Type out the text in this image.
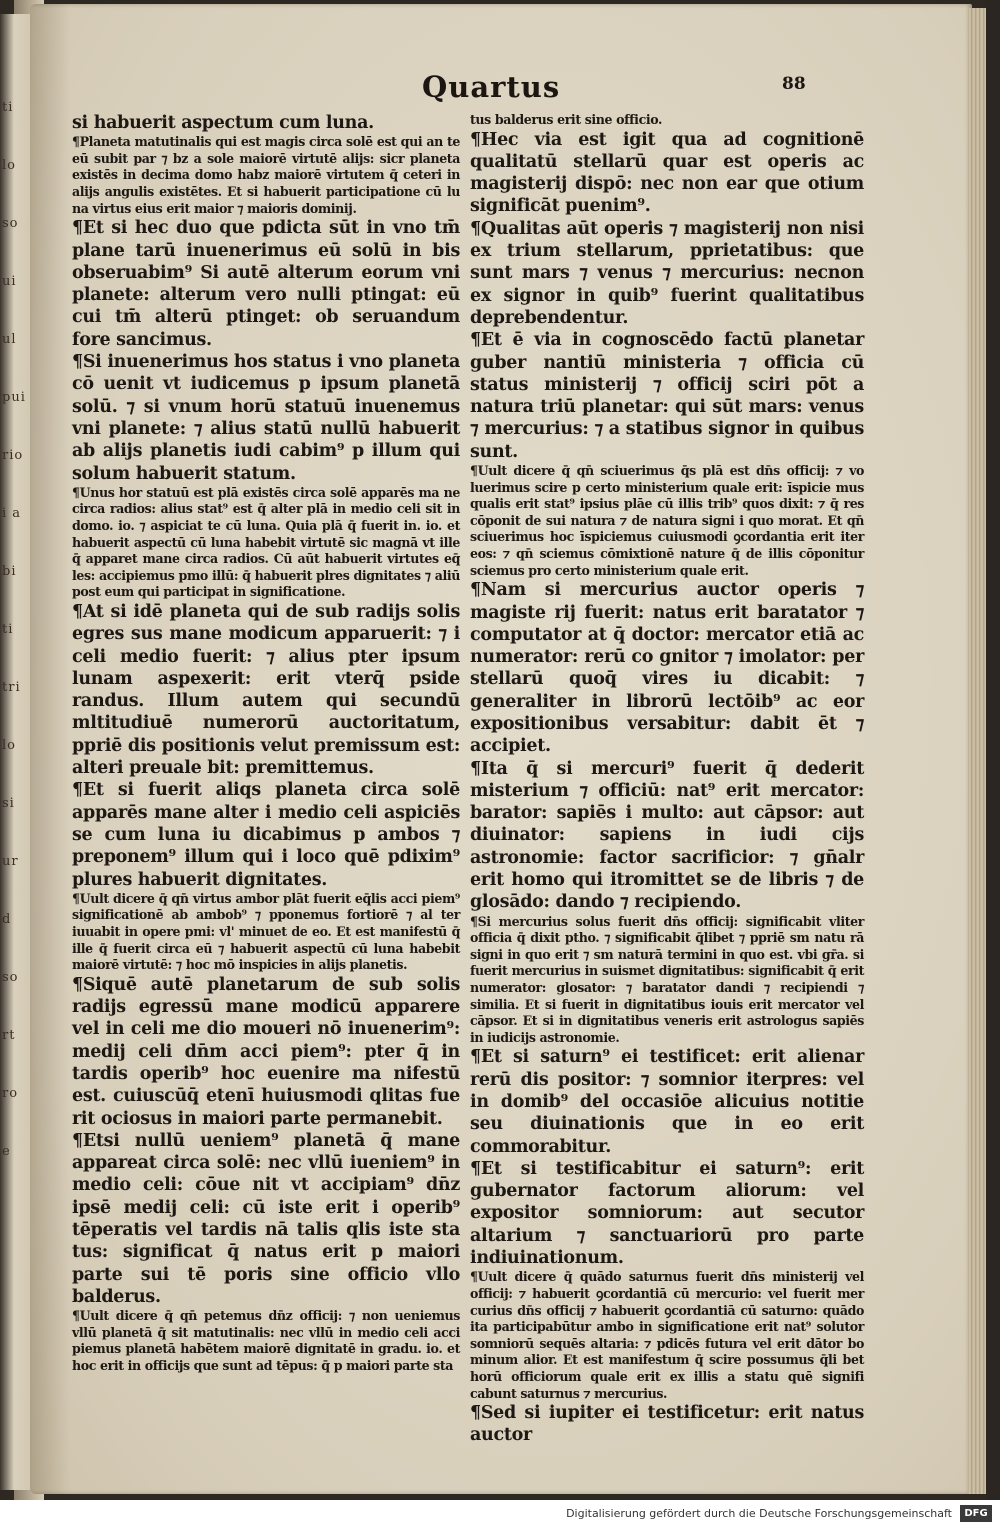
ti
lo
so
ui
ul
pui
rio
i a
bi
ti
tri
lo
si
ur
d
so
rt
ro
e
Quartus	88

si habuerit aspectum cum luna.

¶Planeta matutinalis qui est magis circa solē est qui an te eū subit par ⁊ bz a sole maiorē virtutē alijs: sicr planeta existēs in decima domo habz maiorē virtutem q̄ ceteri in alijs angulis existētes. Et si habuerit participatione cū lu na virtus eius erit maior ⁊ maioris dominij.

¶Et si hec duo que pdicta sūt in vno tm̄ plane tarū inuenerimus eū solū in bis obseruabim⁹ Si autē alterum eorum vni planete: alterum vero nulli ptingat: eū cui tm̄ alterū ptinget: ob seruandum fore sancimus.

¶Si inuenerimus hos status i vno planeta cō uenit vt iudicemus p ipsum planetā solū. ⁊ si vnum horū statuū inuenemus vni planete: ⁊ alius statū nullū habuerit ab alijs planetis iudi cabim⁹ p illum qui solum habuerit statum.

¶Unus hor statuū est plā existēs circa solē apparēs ma ne circa radios: alius stat⁹ est q̄ alter plā in medio celi sit in domo. io. ⁊ aspiciat te cū luna. Quia plā q̄ fuerit in. io. et habuerit aspectū cū luna habebit virtutē sic magnā vt ille q̄ apparet mane circa radios. Cū aūt habuerit virtutes eq̄ les: accipiemus pmo illū: q̄ habuerit plres dignitates ⁊ aliū post eum qui participat in significatione.

¶At si idē planeta qui de sub radijs solis egres sus mane modicum apparuerit: ⁊ i celi medio fuerit: ⁊ alius pter ipsum lunam aspexerit: erit vterq̄ pside randus. Illum autem qui secundū mltitudiuē numerorū auctoritatum, ppriē dis positionis velut premissum est: alteri preuale bit: premittemus.

¶Et si fuerit aliqs planeta circa solē apparēs mane alter i medio celi aspiciēs se cum luna iu dicabimus p ambos ⁊ preponem⁹ illum qui i loco quē pdixim⁹ plures habuerit dignitates.

¶Uult dicere q̄ qn̄ virtus ambor plāt fuerit eq̄lis acci piem⁹ significationē ab ambob⁹ ⁊ pponemus fortiorē ⁊ al ter iuuabit in opere pmi: vl' minuet de eo. Et est manifestū q̄ ille q̄ fuerit circa eū ⁊ habuerit aspectū cū luna habebit maiorē virtutē: ⁊ hoc mō inspicies in alijs planetis.

¶Siquē autē planetarum de sub solis radijs egressū mane modicū apparere vel in celi me dio moueri nō inuenerim⁹: medij celi dn̄m acci piem⁹: pter q̄ in tardis operib⁹ hoc euenire ma nifestū est. cuiuscūq̄ etenī huiusmodi qlitas fue rit ociosus in maiori parte permanebit.

¶Etsi nullū ueniem⁹ planetā q̄ mane appareat circa solē: nec vllū iueniem⁹ in medio celi: cōue nit vt accipiam⁹ dn̄z ipsē medij celi: cū iste erit i operib⁹ tēperatis vel tardis nā talis qlis iste sta tus: significat q̄ natus erit p maiori parte sui tē poris sine officio vllo balderus.

¶Uult dicere q̄ qn̄ petemus dn̄z officij: ⁊ non ueniemus vllū planetā q̄ sit matutinalis: nec vllū in medio celi acci piemus planetā habētem maiorē dignitatē in gradu. io. et hoc erit in officijs que sunt ad tēpus: q̄ p maiori parte sta

tus balderus erit sine officio.

¶Hec via est igit qua ad cognitionē qualitatū stellarū quar est operis ac magisterij dispō: nec non ear que otium significāt puenim⁹.

¶Qualitas aūt operis ⁊ magisterij non nisi ex trium stellarum, pprietatibus: que sunt mars ⁊ venus ⁊ mercurius: necnon ex signor in quib⁹ fuerint qualitatibus deprebendentur.

¶Et ē via in cognoscēdo factū planetar guber nantiū ministeria ⁊ officia cū status ministerij ⁊ officij sciri pōt a natura triū planetar: qui sūt mars: venus ⁊ mercurius: ⁊ a statibus signor in quibus sunt.

¶Uult dicere q̄ qn̄ sciuerimus q̄s plā est dn̄s officij: ⁊ vo luerimus scire p certo ministerium quale erit: īspicie mus qualis erit stat⁹ ipsius plāe cū illis trib⁹ quos dixit: ⁊ q̄ res cōponit de sui natura ⁊ de natura signi i quo morat. Et qn̄ sciuerimus hoc īspiciemus cuiusmodi ꝯcordantia erit iter eos: ⁊ qn̄ sciemus cōmixtionē nature q̄ de illis cōponitur sciemus pro certo ministerium quale erit.

¶Nam si mercurius auctor operis ⁊ magiste rij fuerit: natus erit baratator ⁊ computator at q̄ doctor: mercator etiā ac numerator: rerū co gnitor ⁊ imolator: per stellarū quoq̄ vires iu dicabit: ⁊ generaliter in librorū lectōib⁹ ac eor expositionibus versabitur: dabit ēt ⁊ accipiet.

¶Ita q̄ si mercuri⁹ fuerit q̄ dederit misterium ⁊ officiū: nat⁹ erit mercator: barator: sapiēs i multo: aut cāpsor: aut diuinator: sapiens in iudi cijs astronomie: factor sacrificior: ⁊ gn̄alr erit homo qui itromittet se de libris ⁊ de glosādo: dando ⁊ recipiendo.

¶Si mercurius solus fuerit dn̄s officij: significabit vliter officia q̄ dixit ptho. ⁊ significabit q̄libet ⁊ ppriē sm natu rā signi in quo erit ⁊ sm naturā termini in quo est. vbi gr̄a. si fuerit mercurius in suismet dignitatibus: significabit q̄ erit numerator: glosator: ⁊ baratator dandi ⁊ recipiendi ⁊ similia. Et si fuerit in dignitatibus iouis erit mercator vel cāpsor. Et si in dignitatibus veneris erit astrologus sapiēs in iudicijs astronomie.

¶Et si saturn⁹ ei testificet: erit alienar rerū dis positor: ⁊ somnior iterpres: vel in domib⁹ del occasiōe alicuius notitie seu diuinationis que in eo erit commorabitur.

¶Et si testificabitur ei saturn⁹: erit gubernator factorum aliorum: vel expositor somniorum: aut secutor altarium ⁊ sanctuariorū pro parte indiuinationum.

¶Uult dicere q̄ quādo saturnus fuerit dn̄s ministerij vel officij: ⁊ habuerit ꝯcordantiā cū mercurio: vel fuerit mer curius dn̄s officij ⁊ habuerit ꝯcordantiā cū saturno: quādo ita participabūtur ambo in significatione erit nat⁹ solutor somniorū sequēs altaria: ⁊ pdicēs futura vel erit dātor bo minum alior. Et est manifestum q̄ scire possumus q̄li bet horū officiorum quale erit ex illis a statu quē signifi cabunt saturnus ⁊ mercurius.

¶Sed si iupiter ei testificetur: erit natus auctor

Digitalisierung gefördert durch die Deutsche Forschungsgemeinschaft	DFG
